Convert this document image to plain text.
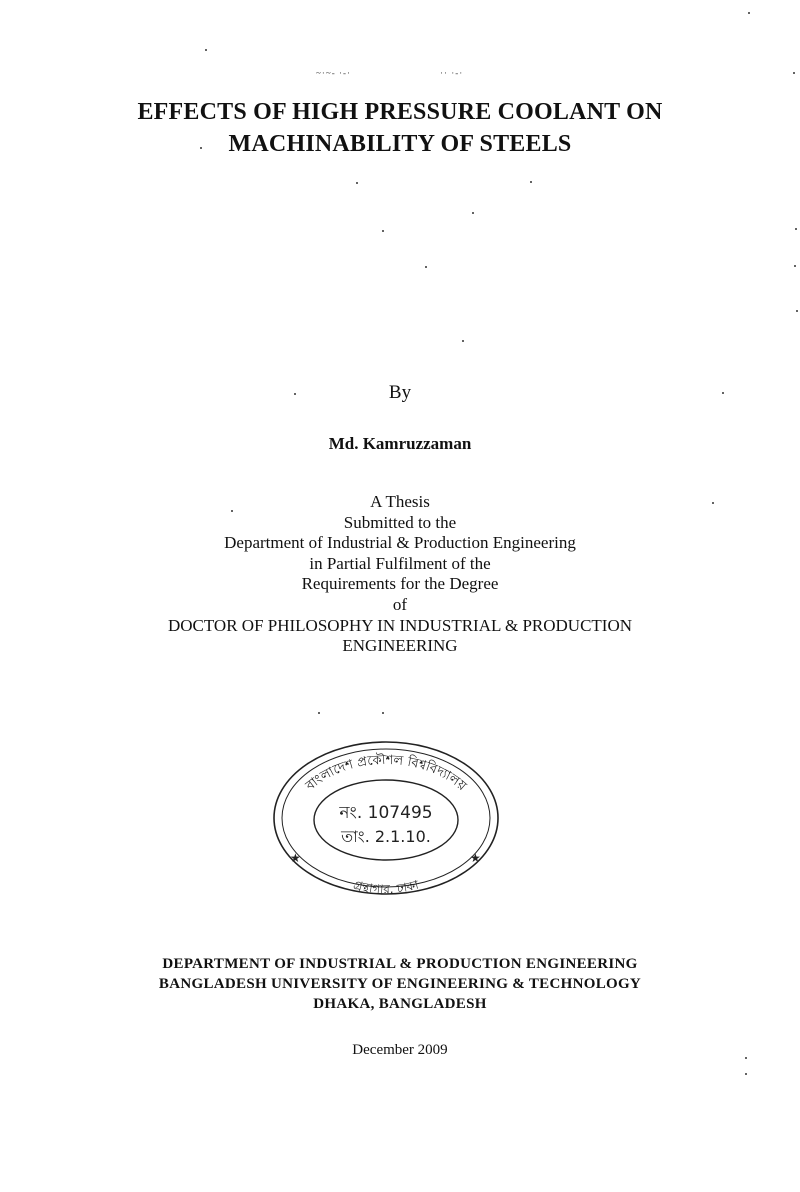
~·~- ·-·	·· ·-·
EFFECTS OF HIGH PRESSURE COOLANT ON
MACHINABILITY OF STEELS
By
Md. Kamruzzaman
A Thesis
Submitted to the
Department of Industrial & Production Engineering
in Partial Fulfilment of the
Requirements for the Degree
of
DOCTOR OF PHILOSOPHY IN INDUSTRIAL & PRODUCTION
ENGINEERING
বাংলাদেশ প্রকৌশল বিশ্ববিদ্যালয়
গ্রন্থাগার, ঢাকা
★	★
নং. 107495
তাং. 2.1.10.
DEPARTMENT OF INDUSTRIAL & PRODUCTION ENGINEERING
BANGLADESH UNIVERSITY OF ENGINEERING & TECHNOLOGY
DHAKA, BANGLADESH
December 2009
